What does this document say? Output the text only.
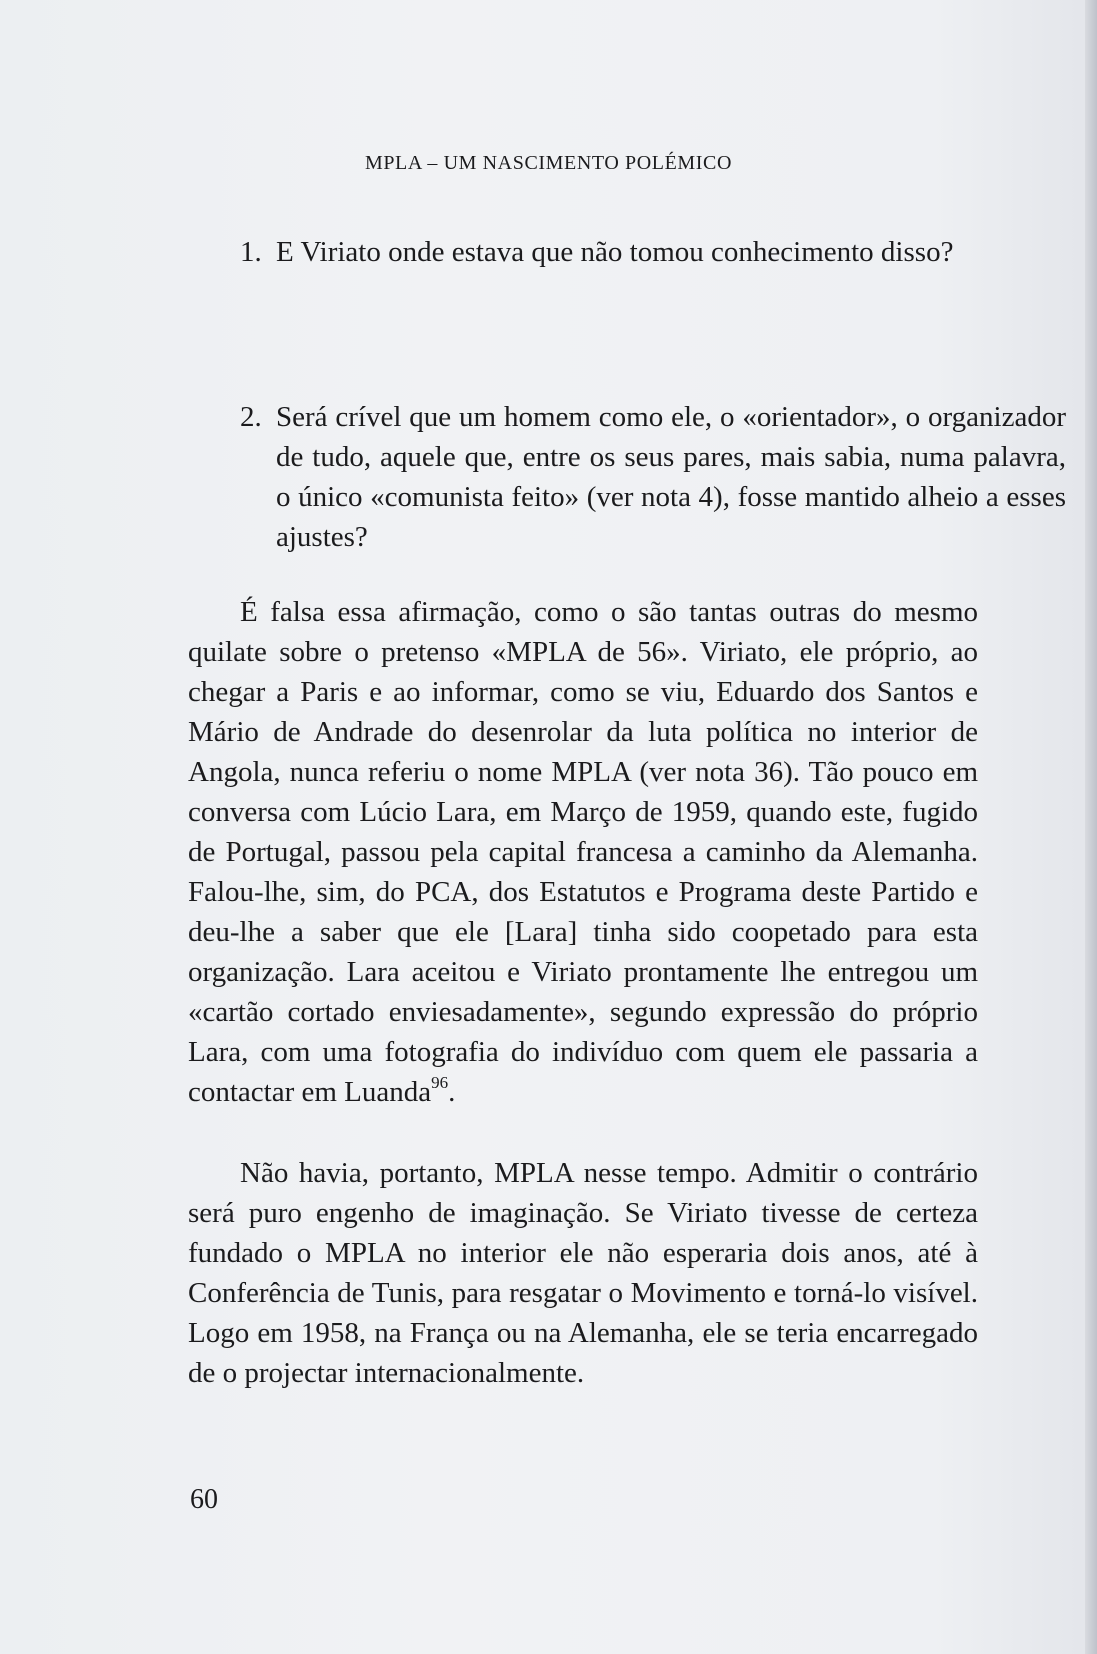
MPLA – UM NASCIMENTO POLÉMICO
1. E Viriato onde estava que não tomou conhecimento disso?
2. Será crível que um homem como ele, o «orientador», o organizador de tudo, aquele que, entre os seus pares, mais sabia, numa palavra, o único «comunista feito» (ver nota 4), fosse mantido alheio a esses ajustes?

É falsa essa afirmação, como o são tantas outras do mesmo quilate sobre o pretenso «MPLA de 56». Viriato, ele próprio, ao chegar a Paris e ao informar, como se viu, Eduardo dos Santos e Mário de Andrade do desenrolar da luta política no interior de Angola, nunca referiu o nome MPLA (ver nota 36). Tão pouco em conversa com Lúcio Lara, em Março de 1959, quando este, fugido de Portugal, passou pela capital francesa a caminho da Alemanha. Falou-lhe, sim, do PCA, dos Estatutos e Programa deste Partido e deu-lhe a saber que ele [Lara] tinha sido coopetado para esta organização. Lara aceitou e Viriato prontamente lhe entregou um «cartão cortado enviesadamente», segundo expressão do próprio Lara, com uma fotografia do indivíduo com quem ele passaria a contactar em Luanda$^{96}$.

Não havia, portanto, MPLA nesse tempo. Admitir o contrário será puro engenho de imaginação. Se Viriato tivesse de certeza fundado o MPLA no interior ele não esperaria dois anos, até à Conferência de Tunis, para resgatar o Movimento e torná-lo visível. Logo em 1958, na França ou na Alemanha, ele se teria encarregado de o projectar internacionalmente.

60
